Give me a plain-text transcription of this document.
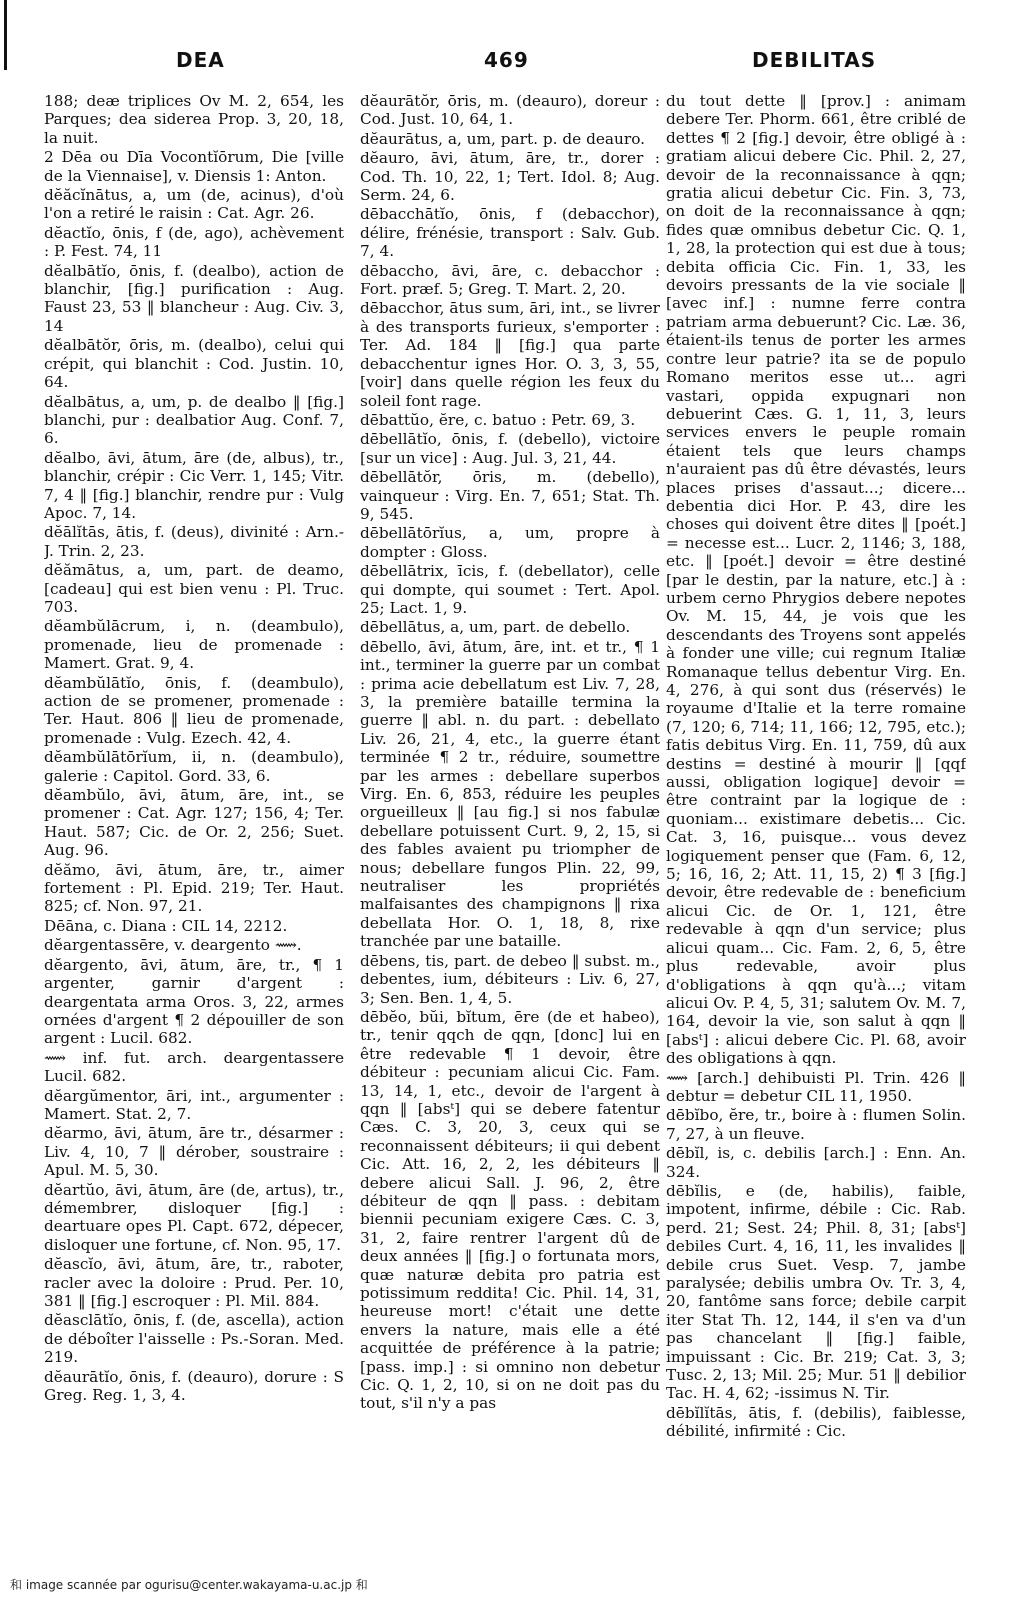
DEA	469	DEBILITAS
188; deæ triplices Ov M. 2, 654, les Parques; dea siderea Prop. 3, 20, 18, la nuit.
2 Dēa ou Dīa Vocontĭōrum, Die [ville de la Viennaise], v. Diensis 1: Anton.
dĕăcĭnātus, a, um (de, acinus), d'où l'on a retiré le raisin : Cat. Agr. 26.
dĕactĭo, ōnis, f (de, ago), achèvement : P. Fest. 74, 11
dĕalbātĭo, ōnis, f. (dealbo), action de blanchir, [fig.] purification : Aug. Faust 23, 53 ‖ blancheur : Aug. Civ. 3, 14
dĕalbātŏr, ōris, m. (dealbo), celui qui crépit, qui blanchit : Cod. Justin. 10, 64.
dĕalbātus, a, um, p. de dealbo ‖ [fig.] blanchi, pur : dealbatior Aug. Conf. 7, 6.
dĕalbo, āvi, ātum, āre (de, albus), tr., blanchir, crépir : Cic Verr. 1, 145; Vitr. 7, 4 ‖ [fig.] blanchir, rendre pur : Vulg Apoc. 7, 14.
dĕālĭtās, ātis, f. (deus), divinité : Arn.-J. Trin. 2, 23.
dĕămātus, a, um, part. de deamo, [cadeau] qui est bien venu : Pl. Truc. 703.
dĕambŭlācrum, i, n. (deambulo), promenade, lieu de promenade : Mamert. Grat. 9, 4.
dĕambŭlātĭo, ōnis, f. (deambulo), action de se promener, promenade : Ter. Haut. 806 ‖ lieu de promenade, promenade : Vulg. Ezech. 42, 4.
dĕambŭlātōrĭum, ii, n. (deambulo), galerie : Capitol. Gord. 33, 6.
dĕambŭlo, āvi, ātum, āre, int., se promener : Cat. Agr. 127; 156, 4; Ter. Haut. 587; Cic. de Or. 2, 256; Suet. Aug. 96.
dĕămo, āvi, ātum, āre, tr., aimer fortement : Pl. Epid. 219; Ter. Haut. 825; cf. Non. 97, 21.
Dēāna, c. Diana : CIL 14, 2212.
dĕargentassēre, v. deargento ⟿.
dĕargento, āvi, ātum, āre, tr., ¶ 1 argenter, garnir d'argent : deargentata arma Oros. 3, 22, armes ornées d'argent ¶ 2 dépouiller de son argent : Lucil. 682.
⟿ inf. fut. arch. deargentassere Lucil. 682.
dĕargŭmentor, āri, int., argumenter : Mamert. Stat. 2, 7.
dĕarmo, āvi, ātum, āre tr., désarmer : Liv. 4, 10, 7 ‖ dérober, soustraire : Apul. M. 5, 30.
dĕartŭo, āvi, ātum, āre (de, artus), tr., démembrer, disloquer [fig.] : deartuare opes Pl. Capt. 672, dépecer, disloquer une fortune, cf. Non. 95, 17.
dĕascĭo, āvi, ātum, āre, tr., raboter, racler avec la doloire : Prud. Per. 10, 381 ‖ [fig.] escroquer : Pl. Mil. 884.
dĕasclātĭo, ōnis, f. (de, ascella), action de déboîter l'aisselle : Ps.-Soran. Med. 219.
dĕaurātĭo, ōnis, f. (deauro), dorure : S Greg. Reg. 1, 3, 4.
dĕaurātŏr, ōris, m. (deauro), doreur : Cod. Just. 10, 64, 1.
dĕaurātus, a, um, part. p. de deauro.
dĕauro, āvi, ātum, āre, tr., dorer : Cod. Th. 10, 22, 1; Tert. Idol. 8; Aug. Serm. 24, 6.
dēbacchātĭo, ōnis, f (debacchor), délire, frénésie, transport : Salv. Gub. 7, 4.
dēbaccho, āvi, āre, c. debacchor : Fort. præf. 5; Greg. T. Mart. 2, 20.
dēbacchor, ātus sum, āri, int., se livrer à des transports furieux, s'emporter : Ter. Ad. 184 ‖ [fig.] qua parte debacchentur ignes Hor. O. 3, 3, 55, [voir] dans quelle région les feux du soleil font rage.
dēbattŭo, ĕre, c. batuo : Petr. 69, 3.
dēbellātĭo, ōnis, f. (debello), victoire [sur un vice] : Aug. Jul. 3, 21, 44.
dēbellātŏr, ōris, m. (debello), vainqueur : Virg. En. 7, 651; Stat. Th. 9, 545.
dēbellātōrĭus, a, um, propre à dompter : Gloss.
dēbellātrix, īcis, f. (debellator), celle qui dompte, qui soumet : Tert. Apol. 25; Lact. 1, 9.
dēbellātus, a, um, part. de debello.
dēbello, āvi, ātum, āre, int. et tr., ¶ 1 int., terminer la guerre par un combat : prima acie debellatum est Liv. 7, 28, 3, la première bataille termina la guerre ‖ abl. n. du part. : debellato Liv. 26, 21, 4, etc., la guerre étant terminée ¶ 2 tr., réduire, soumettre par les armes : debellare superbos Virg. En. 6, 853, réduire les peuples orgueilleux ‖ [au fig.] si nos fabulæ debellare potuissent Curt. 9, 2, 15, si des fables avaient pu triompher de nous; debellare fungos Plin. 22, 99, neutraliser les propriétés malfaisantes des champignons ‖ rixa debellata Hor. O. 1, 18, 8, rixe tranchée par une bataille.
dēbens, tis, part. de debeo ‖ subst. m., debentes, ium, débiteurs : Liv. 6, 27, 3; Sen. Ben. 1, 4, 5.
dēbĕo, bŭi, bĭtum, ēre (de et habeo), tr., tenir qqch de qqn, [donc] lui en être redevable ¶ 1 devoir, être débiteur : pecuniam alicui Cic. Fam. 13, 14, 1, etc., devoir de l'argent à qqn ‖ [absᵗ] qui se debere fatentur Cæs. C. 3, 20, 3, ceux qui se reconnaissent débiteurs; ii qui debent Cic. Att. 16, 2, 2, les débiteurs ‖ debere alicui Sall. J. 96, 2, être débiteur de qqn ‖ pass. : debitam biennii pecuniam exigere Cæs. C. 3, 31, 2, faire rentrer l'argent dû de deux années ‖ [fig.] o fortunata mors, quæ naturæ debita pro patria est potissimum reddita! Cic. Phil. 14, 31, heureuse mort! c'était une dette envers la nature, mais elle a été acquittée de préférence à la patrie; [pass. imp.] : si omnino non debetur Cic. Q. 1, 2, 10, si on ne doit pas du tout, s'il n'y a pas
du tout dette ‖ [prov.] : animam debere Ter. Phorm. 661, être criblé de dettes ¶ 2 [fig.] devoir, être obligé à : gratiam alicui debere Cic. Phil. 2, 27, devoir de la reconnaissance à qqn; gratia alicui debetur Cic. Fin. 3, 73, on doit de la reconnaissance à qqn; fides quæ omnibus debetur Cic. Q. 1, 1, 28, la protection qui est due à tous; debita officia Cic. Fin. 1, 33, les devoirs pressants de la vie sociale ‖ [avec inf.] : numne ferre contra patriam arma debuerunt? Cic. Læ. 36, étaient-ils tenus de porter les armes contre leur patrie? ita se de populo Romano meritos esse ut... agri vastari, oppida expugnari non debuerint Cæs. G. 1, 11, 3, leurs services envers le peuple romain étaient tels que leurs champs n'auraient pas dû être dévastés, leurs places prises d'assaut...; dicere... debentia dici Hor. P. 43, dire les choses qui doivent être dites ‖ [poét.] = necesse est... Lucr. 2, 1146; 3, 188, etc. ‖ [poét.] devoir = être destiné [par le destin, par la nature, etc.] à : urbem cerno Phrygios debere nepotes Ov. M. 15, 44, je vois que les descendants des Troyens sont appelés à fonder une ville; cui regnum Italiæ Romanaque tellus debentur Virg. En. 4, 276, à qui sont dus (réservés) le royaume d'Italie et la terre romaine (7, 120; 6, 714; 11, 166; 12, 795, etc.); fatis debitus Virg. En. 11, 759, dû aux destins = destiné à mourir ‖ [qqf aussi, obligation logique] devoir = être contraint par la logique de : quoniam... existimare debetis... Cic. Cat. 3, 16, puisque... vous devez logiquement penser que (Fam. 6, 12, 5; 16, 16, 2; Att. 11, 15, 2) ¶ 3 [fig.] devoir, être redevable de : beneficium alicui Cic. de Or. 1, 121, être redevable à qqn d'un service; plus alicui quam... Cic. Fam. 2, 6, 5, être plus redevable, avoir plus d'obligations à qqn qu'à...; vitam alicui Ov. P. 4, 5, 31; salutem Ov. M. 7, 164, devoir la vie, son salut à qqn ‖ [absᵗ] : alicui debere Cic. Pl. 68, avoir des obligations à qqn.
⟿ [arch.] dehibuisti Pl. Trin. 426 ‖ debtur = debetur CIL 11, 1950.
dēbĭbo, ĕre, tr., boire à : flumen Solin. 7, 27, à un fleuve.
dēbĭl, is, c. debilis [arch.] : Enn. An. 324.
dēbĭlis, e (de, habilis), faible, impotent, infirme, débile : Cic. Rab. perd. 21; Sest. 24; Phil. 8, 31; [absᵗ] debiles Curt. 4, 16, 11, les invalides ‖ debile crus Suet. Vesp. 7, jambe paralysée; debilis umbra Ov. Tr. 3, 4, 20, fantôme sans force; debile carpit iter Stat Th. 12, 144, il s'en va d'un pas chancelant ‖ [fig.] faible, impuissant : Cic. Br. 219; Cat. 3, 3; Tusc. 2, 13; Mil. 25; Mur. 51 ‖ debilior Tac. H. 4, 62; -issimus N. Tir.
dēbĭlĭtās, ātis, f. (debilis), faiblesse, débilité, infirmité : Cic.
和 image scannée par ogurisu@center.wakayama-u.ac.jp 和
